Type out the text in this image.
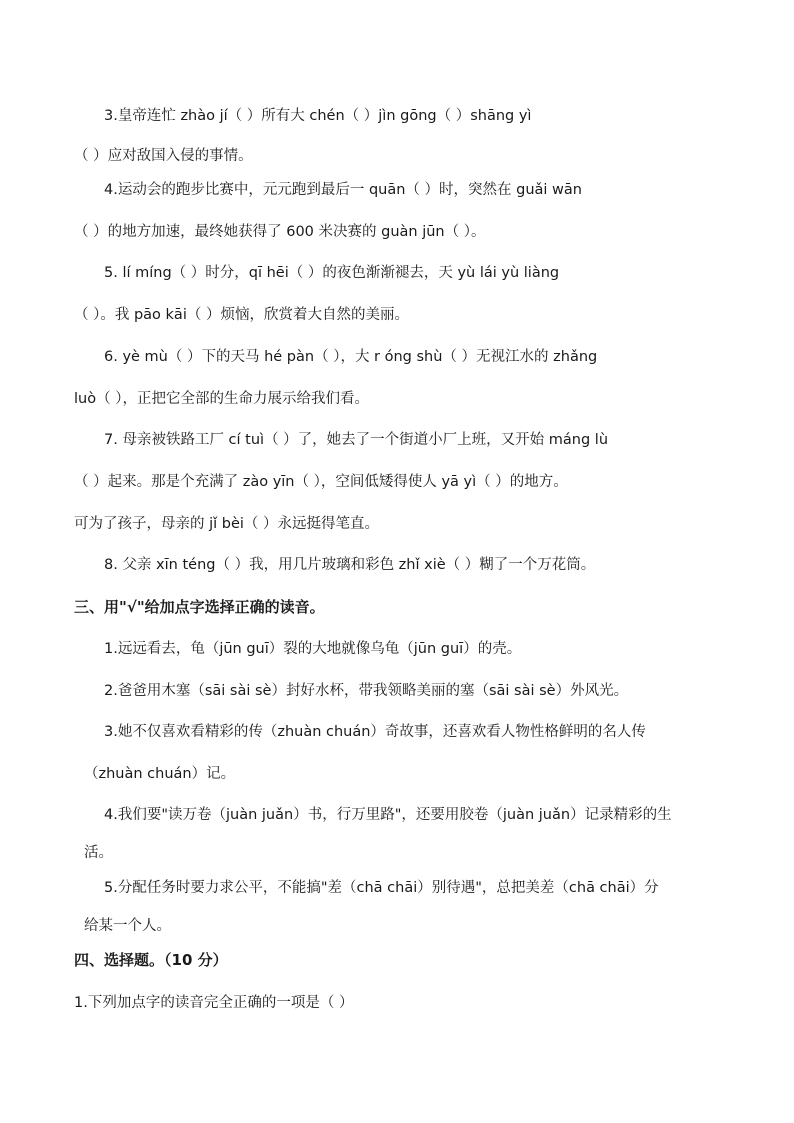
3.皇帝连忙 zhào jí（ ）所有大 chén（ ）jìn gōng（ ）shāng yì
（ ）应对敌国入侵的事情。
4.运动会的跑步比赛中，元元跑到最后一 quān（ ）时，突然在 guǎi wān
（ ）的地方加速，最终她获得了 600 米决赛的 guàn jūn（ ）。
5. lí míng（ ）时分，qī hēi（ ）的夜色渐渐褪去，天 yù lái yù liàng
（ ）。我 pāo kāi（ ）烦恼，欣赏着大自然的美丽。
6. yè mù（ ）下的天马 hé pàn（ ），大 r óng shù（ ）无视江水的 zhǎng
luò（ ），正把它全部的生命力展示给我们看。
7. 母亲被铁路工厂 cí tuì（ ）了，她去了一个街道小厂上班，又开始 máng lù
（ ）起来。那是个充满了 zào yīn（ ），空间低矮得使人 yā yì（ ）的地方。
可为了孩子，母亲的 jǐ bèi（ ）永远挺得笔直。
8. 父亲 xīn téng（ ）我，用几片玻璃和彩色 zhǐ xiè（ ）糊了一个万花筒。
三、用"√"给加点字选择正确的读音。
1.远远看去，龟（jūn guī）裂的大地就像乌龟（jūn guī）的壳。
2.爸爸用木塞（sāi sài sè）封好水杯，带我领略美丽的塞（sāi sài sè）外风光。
3.她不仅喜欢看精彩的传（zhuàn chuán）奇故事，还喜欢看人物性格鲜明的名人传
（zhuàn chuán）记。
4.我们要"读万卷（juàn juǎn）书，行万里路"，还要用胶卷（juàn juǎn）记录精彩的生
活。
5.分配任务时要力求公平，不能搞"差（chā chāi）别待遇"，总把美差（chā chāi）分
给某一个人。
四、选择题。（10 分）
1.下列加点字的读音完全正确的一项是（ ）
